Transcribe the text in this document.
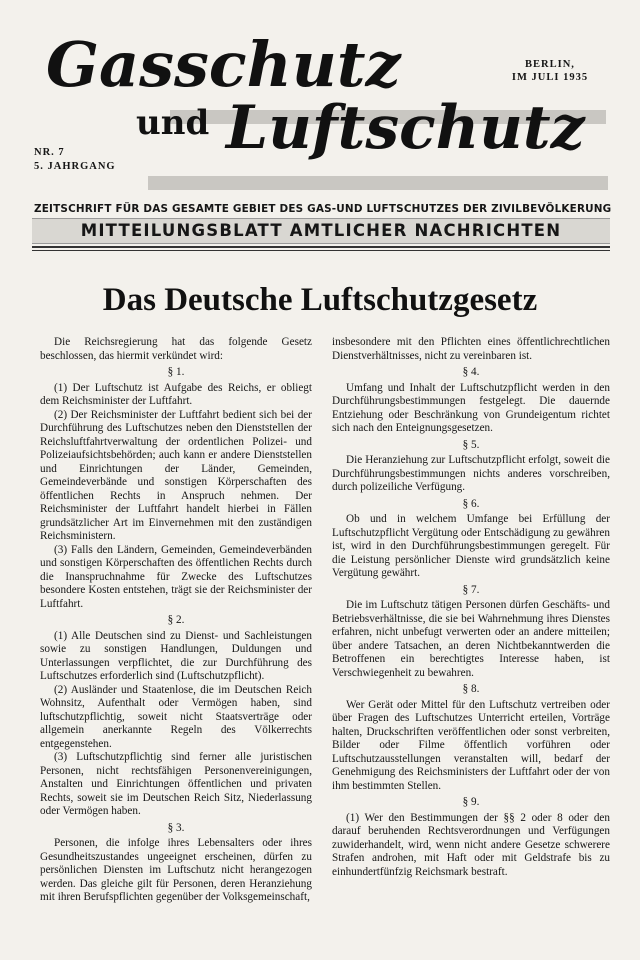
Gasschutz
und Luftschutz
NR. 7
5. JAHRGANG
BERLIN,
IM JULI 1935
ZEITSCHRIFT FÜR DAS GESAMTE GEBIET DES GAS-UND LUFTSCHUTZES DER ZIVILBEVÖLKERUNG
MITTEILUNGSBLATT AMTLICHER NACHRICHTEN
Das Deutsche Luftschutzgesetz

Die Reichsregierung hat das folgende Gesetz beschlossen, das hiermit verkündet wird:

§ 1.

(1) Der Luftschutz ist Aufgabe des Reichs, er obliegt dem Reichsminister der Luftfahrt.

(2) Der Reichsminister der Luftfahrt bedient sich bei der Durchführung des Luftschutzes neben den Dienststellen der Reichsluftfahrtverwaltung der ordentlichen Polizei- und Polizeiaufsichtsbehörden; auch kann er andere Dienststellen und Einrichtungen der Länder, Gemeinden, Gemeindeverbände und sonstigen Körperschaften des öffentlichen Rechts in Anspruch nehmen. Der Reichsminister der Luftfahrt handelt hierbei in Fällen grundsätzlicher Art im Einvernehmen mit den zuständigen Reichsministern.

(3) Falls den Ländern, Gemeinden, Gemeindeverbänden und sonstigen Körperschaften des öffentlichen Rechts durch die Inanspruchnahme für Zwecke des Luftschutzes besondere Kosten entstehen, trägt sie der Reichsminister der Luftfahrt.

§ 2.

(1) Alle Deutschen sind zu Dienst- und Sachleistungen sowie zu sonstigen Handlungen, Duldungen und Unterlassungen verpflichtet, die zur Durchführung des Luftschutzes erforderlich sind (Luftschutzpflicht).

(2) Ausländer und Staatenlose, die im Deutschen Reich Wohnsitz, Aufenthalt oder Vermögen haben, sind luftschutzpflichtig, soweit nicht Staatsverträge oder allgemein anerkannte Regeln des Völkerrechts entgegenstehen.

(3) Luftschutzpflichtig sind ferner alle juristischen Personen, nicht rechtsfähigen Personenvereinigungen, Anstalten und Einrichtungen öffentlichen und privaten Rechts, soweit sie im Deutschen Reich Sitz, Niederlassung oder Vermögen haben.

§ 3.

Personen, die infolge ihres Lebensalters oder ihres Gesundheitszustandes ungeeignet erscheinen, dürfen zu persönlichen Diensten im Luftschutz nicht herangezogen werden. Das gleiche gilt für Personen, deren Heranziehung mit ihren Berufspflichten gegenüber der Volksgemeinschaft,

insbesondere mit den Pflichten eines öffentlichrechtlichen Dienstverhältnisses, nicht zu vereinbaren ist.

§ 4.

Umfang und Inhalt der Luftschutzpflicht werden in den Durchführungsbestimmungen festgelegt. Die dauernde Entziehung oder Beschränkung von Grundeigentum richtet sich nach den Enteignungsgesetzen.

§ 5.

Die Heranziehung zur Luftschutzpflicht erfolgt, soweit die Durchführungsbestimmungen nichts anderes vorschreiben, durch polizeiliche Verfügung.

§ 6.

Ob und in welchem Umfange bei Erfüllung der Luftschutzpflicht Vergütung oder Entschädigung zu gewähren ist, wird in den Durchführungsbestimmungen geregelt. Für die Leistung persönlicher Dienste wird grundsätzlich keine Vergütung gewährt.

§ 7.

Die im Luftschutz tätigen Personen dürfen Geschäfts- und Betriebsverhältnisse, die sie bei Wahrnehmung ihres Dienstes erfahren, nicht unbefugt verwerten oder an andere mitteilen; über andere Tatsachen, an deren Nichtbekanntwerden die Betroffenen ein berechtigtes Interesse haben, ist Verschwiegenheit zu bewahren.

§ 8.

Wer Gerät oder Mittel für den Luftschutz vertreiben oder über Fragen des Luftschutzes Unterricht erteilen, Vorträge halten, Druckschriften veröffentlichen oder sonst verbreiten, Bilder oder Filme öffentlich vorführen oder Luftschutzausstellungen veranstalten will, bedarf der Genehmigung des Reichsministers der Luftfahrt oder der von ihm bestimmten Stellen.

§ 9.

(1) Wer den Bestimmungen der §§ 2 oder 8 oder den darauf beruhenden Rechtsverordnungen und Verfügungen zuwiderhandelt, wird, wenn nicht andere Gesetze schwerere Strafen androhen, mit Haft oder mit Geldstrafe bis zu einhundertfünfzig Reichsmark bestraft.
